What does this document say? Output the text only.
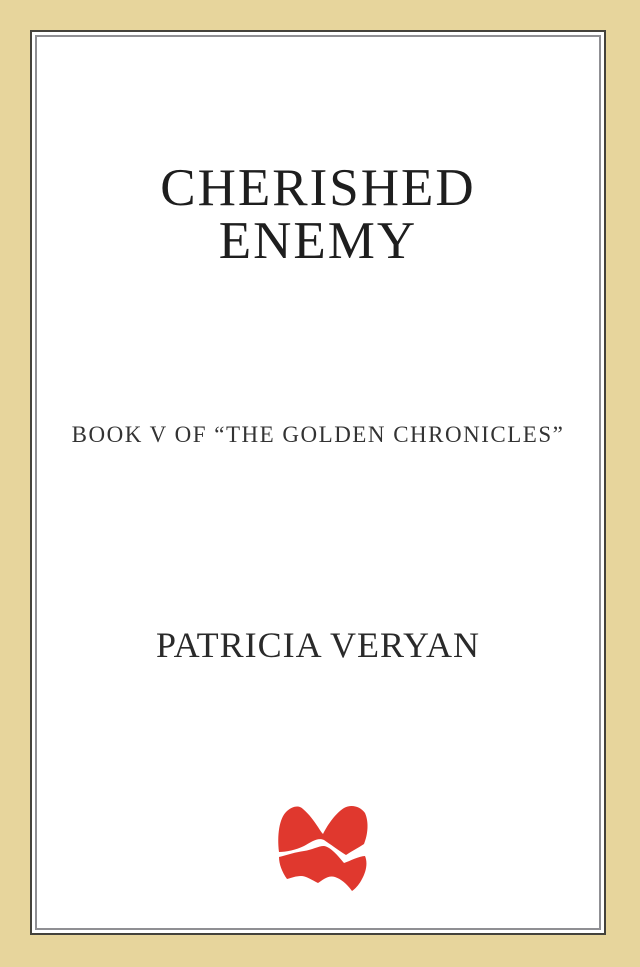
CHERISHED
ENEMY
BOOK V OF “THE GOLDEN CHRONICLES”
PATRICIA VERYAN
